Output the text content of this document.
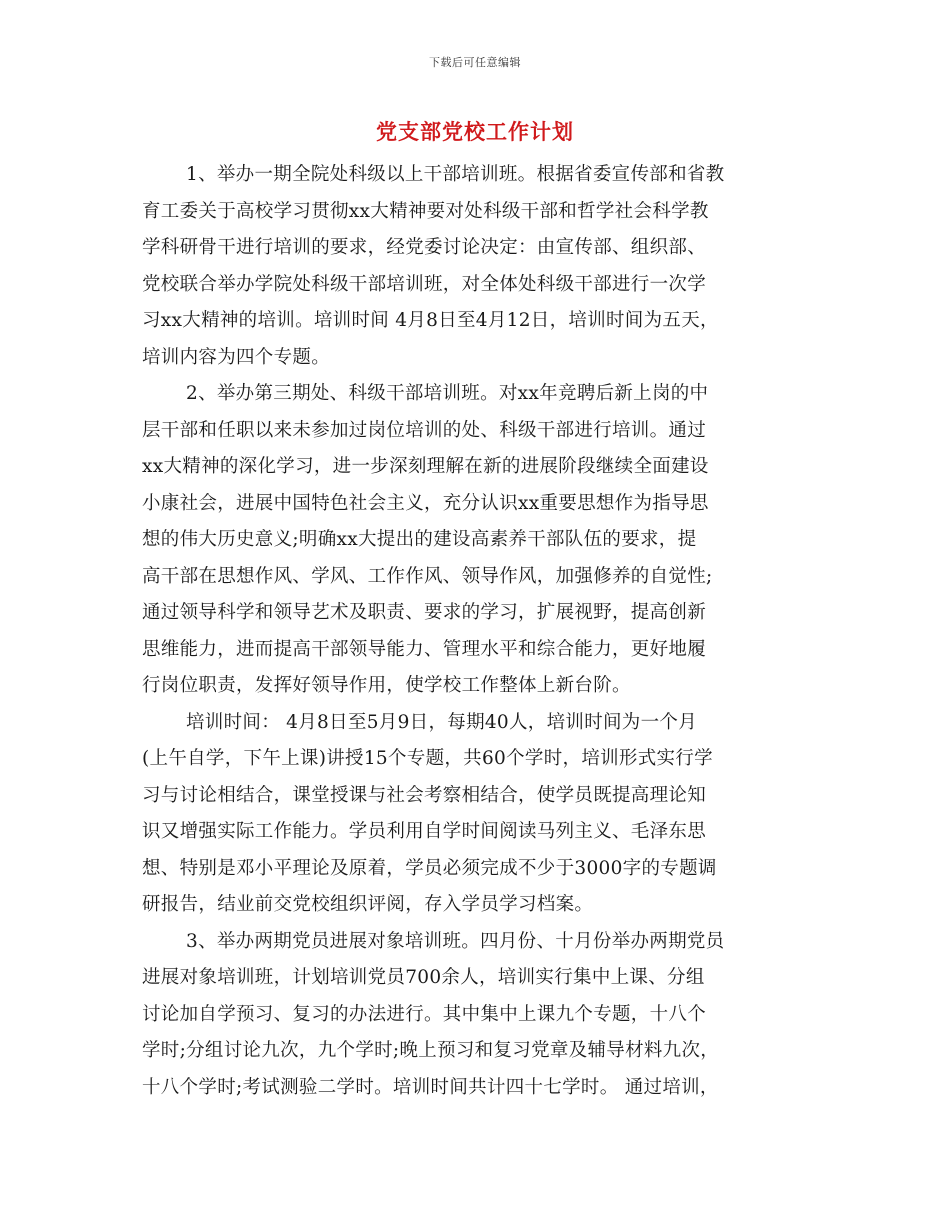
下载后可任意编辑
党支部党校工作计划
1、举办一期全院处科级以上干部培训班。根据省委宣传部和省教
育工委关于高校学习贯彻xx大精神要对处科级干部和哲学社会科学教
学科研骨干进行培训的要求，经党委讨论决定：由宣传部、组织部、
党校联合举办学院处科级干部培训班，对全体处科级干部进行一次学
习xx大精神的培训。培训时间 4月8日至4月12日，培训时间为五天，
培训内容为四个专题。
2、举办第三期处、科级干部培训班。对xx年竞聘后新上岗的中
层干部和任职以来未参加过岗位培训的处、科级干部进行培训。通过
xx大精神的深化学习，进一步深刻理解在新的进展阶段继续全面建设
小康社会，进展中国特色社会主义，充分认识xx重要思想作为指导思
想的伟大历史意义;明确xx大提出的建设高素养干部队伍的要求，提
高干部在思想作风、学风、工作作风、领导作风，加强修养的自觉性;
通过领导科学和领导艺术及职责、要求的学习，扩展视野，提高创新
思维能力，进而提高干部领导能力、管理水平和综合能力，更好地履
行岗位职责，发挥好领导作用，使学校工作整体上新台阶。
培训时间： 4月8日至5月9日，每期40人，培训时间为一个月
(上午自学，下午上课)讲授15个专题，共60个学时，培训形式实行学
习与讨论相结合，课堂授课与社会考察相结合，使学员既提高理论知
识又增强实际工作能力。学员利用自学时间阅读马列主义、毛泽东思
想、特别是邓小平理论及原着，学员必须完成不少于3000字的专题调
研报告，结业前交党校组织评阅，存入学员学习档案。
3、举办两期党员进展对象培训班。四月份、十月份举办两期党员
进展对象培训班，计划培训党员700余人，培训实行集中上课、分组
讨论加自学预习、复习的办法进行。其中集中上课九个专题，十八个
学时;分组讨论九次，九个学时;晚上预习和复习党章及辅导材料九次，
十八个学时;考试测验二学时。培训时间共计四十七学时。 通过培训，
